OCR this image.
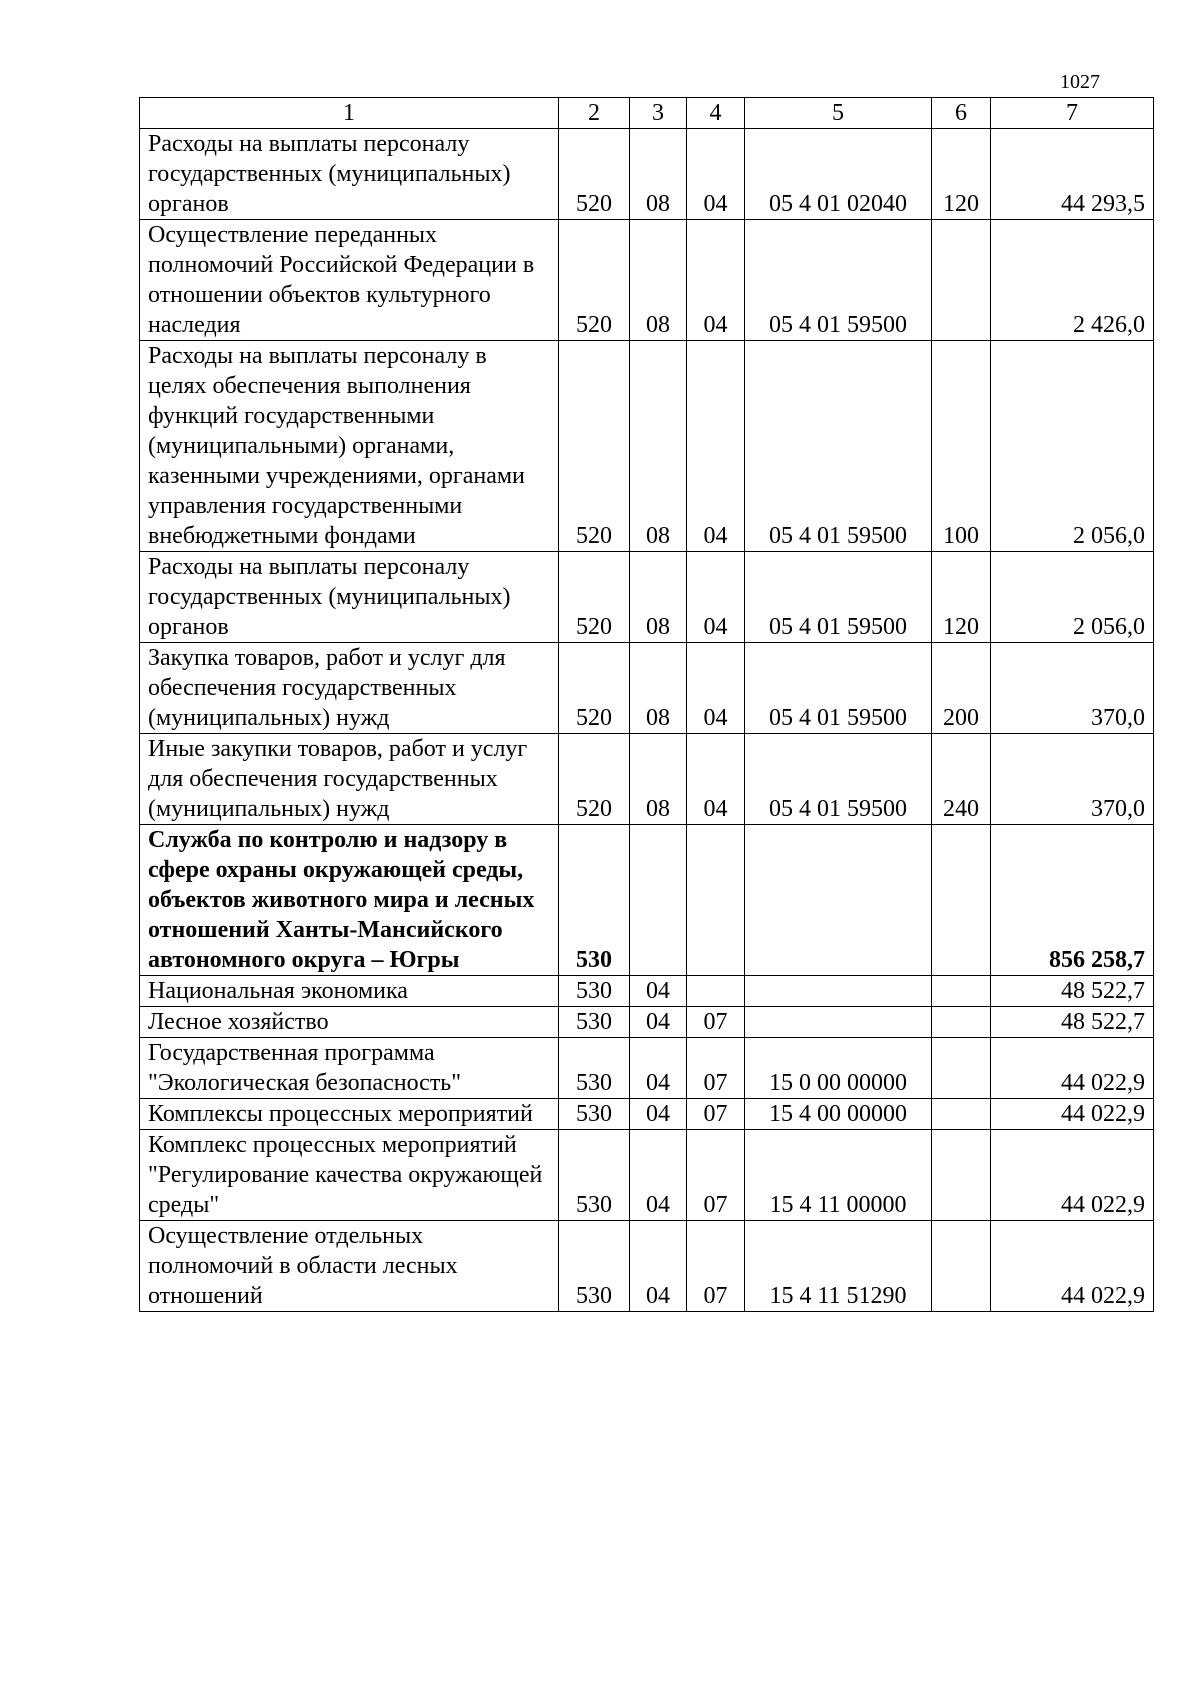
1027
1	2	3	4	5	6	7
Расходы на выплаты персоналу государственных (муниципальных) органов	520	08	04	05 4 01 02040	120	44 293,5
Осуществление переданных полномочий Российской Федерации в отношении объектов культурного наследия	520	08	04	05 4 01 59500		2 426,0
Расходы на выплаты персоналу в целях обеспечения выполнения функций государственными (муниципальными) органами, казенными учреждениями, органами управления государственными внебюджетными фондами	520	08	04	05 4 01 59500	100	2 056,0
Расходы на выплаты персоналу государственных (муниципальных) органов	520	08	04	05 4 01 59500	120	2 056,0
Закупка товаров, работ и услуг для обеспечения государственных (муниципальных) нужд	520	08	04	05 4 01 59500	200	370,0
Иные закупки товаров, работ и услуг для обеспечения государственных (муниципальных) нужд	520	08	04	05 4 01 59500	240	370,0
Служба по контролю и надзору в сфере охраны окружающей среды, объектов животного мира и лесных отношений Ханты-Мансийского автономного округа – Югры	530					856 258,7
Национальная экономика	530	04				48 522,7
Лесное хозяйство	530	04	07			48 522,7
Государственная программа "Экологическая безопасность"	530	04	07	15 0 00 00000		44 022,9
Комплексы процессных мероприятий	530	04	07	15 4 00 00000		44 022,9
Комплекс процессных мероприятий "Регулирование качества окружающей среды"	530	04	07	15 4 11 00000		44 022,9
Осуществление отдельных полномочий в области лесных отношений	530	04	07	15 4 11 51290		44 022,9
